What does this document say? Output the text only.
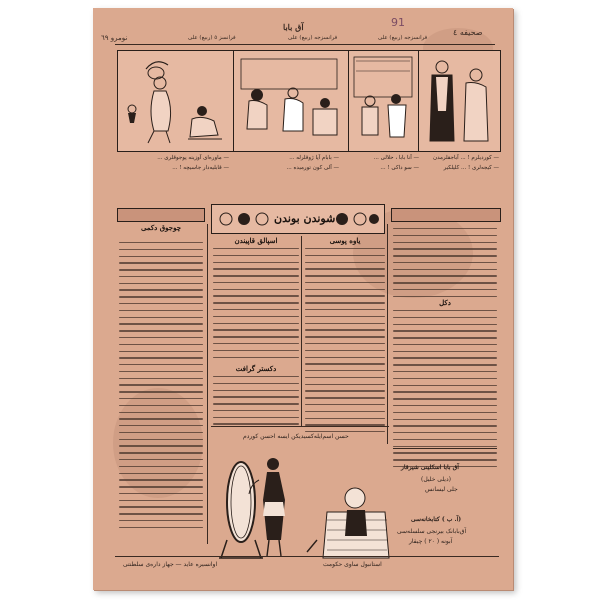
نومرو ٦٩	فرانسز ٥ (ربیع) علی	فرانسزجه (ربیع) علی
آق بابا
فرانسزجه (ربیع) علی
صحیفه ٤
91
— کوردیلرم ! ... آباجقلرمدن
— کیجه‌لری ! ... کلیلکیر
— آنا بابا ، حلالی ...
— سو داکی ! ...
— بابام آپا ژوقلرله ...
— آلی کون تورمیده ...
— ماوره‌ای آوزینه پوجوقلری ...
— قابلیه‌دار جاسیچه ! ...
چوجوق دکمی
شوندن بوندن
یاوه‌ پوسی
اسپالق قاپیندن
دکستر گرافت
دکل
حسن اسم‌ایله‌کسید‌یکن ایسه‌ احسن کوردم
آق بابا اسکلینی شیرقار
(دیلی خلیل)
جلی لیسانس
(آ. ب ) کتابخانه‌سی
آق‌بابانک بیرنجی سلسله‌سی
آبونه ( ٢٠ ) چیقار
اوانسیره عاید — جهاز داره‌ی سلطنتی	استانبول ساوی حکومت
